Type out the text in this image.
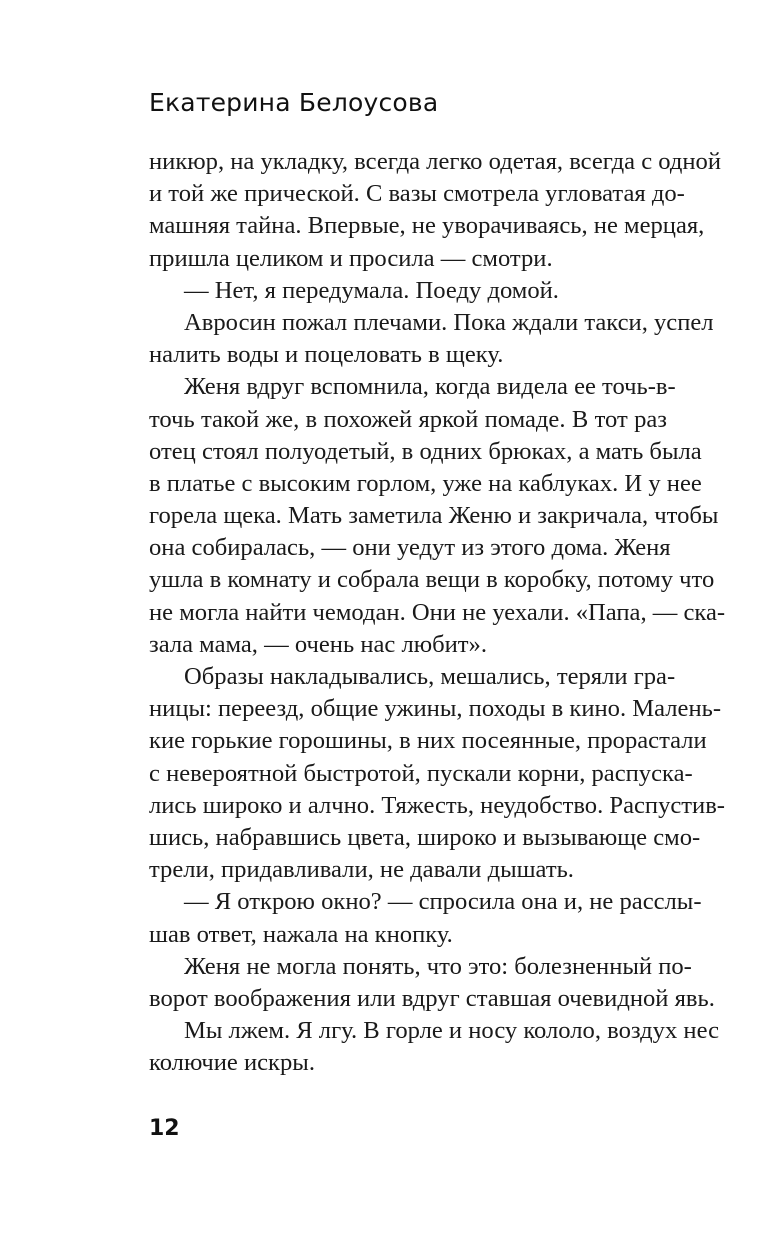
Екатерина Белоусова
никюр, на укладку, всегда легко одетая, всегда с одной
и той же прической. С вазы смотрела угловатая до-
машняя тайна. Впервые, не уворачиваясь, не мерцая,
пришла целиком и просила — смотри.
— Нет, я передумала. Поеду домой.
Авросин пожал плечами. Пока ждали такси, успел
налить воды и поцеловать в щеку.
Женя вдруг вспомнила, когда видела ее точь-в-
точь такой же, в похожей яркой помаде. В тот раз
отец стоял полуодетый, в одних брюках, а мать была
в платье с высоким горлом, уже на каблуках. И у нее
горела щека. Мать заметила Женю и закричала, чтобы
она собиралась, — они уедут из этого дома. Женя
ушла в комнату и собрала вещи в коробку, потому что
не могла найти чемодан. Они не уехали. «Папа, — ска-
зала мама, — очень нас любит».
Образы накладывались, мешались, теряли гра-
ницы: переезд, общие ужины, походы в кино. Малень-
кие горькие горошины, в них посеянные, прорастали
с невероятной быстротой, пускали корни, распуска-
лись широко и алчно. Тяжесть, неудобство. Распустив-
шись, набравшись цвета, широко и вызывающе смо-
трели, придавливали, не давали дышать.
— Я открою окно? — спросила она и, не расслы-
шав ответ, нажала на кнопку.
Женя не могла понять, что это: болезненный по-
ворот воображения или вдруг ставшая очевидной явь.
Мы лжем. Я лгу. В горле и носу кололо, воздух нес
колючие искры.
12
